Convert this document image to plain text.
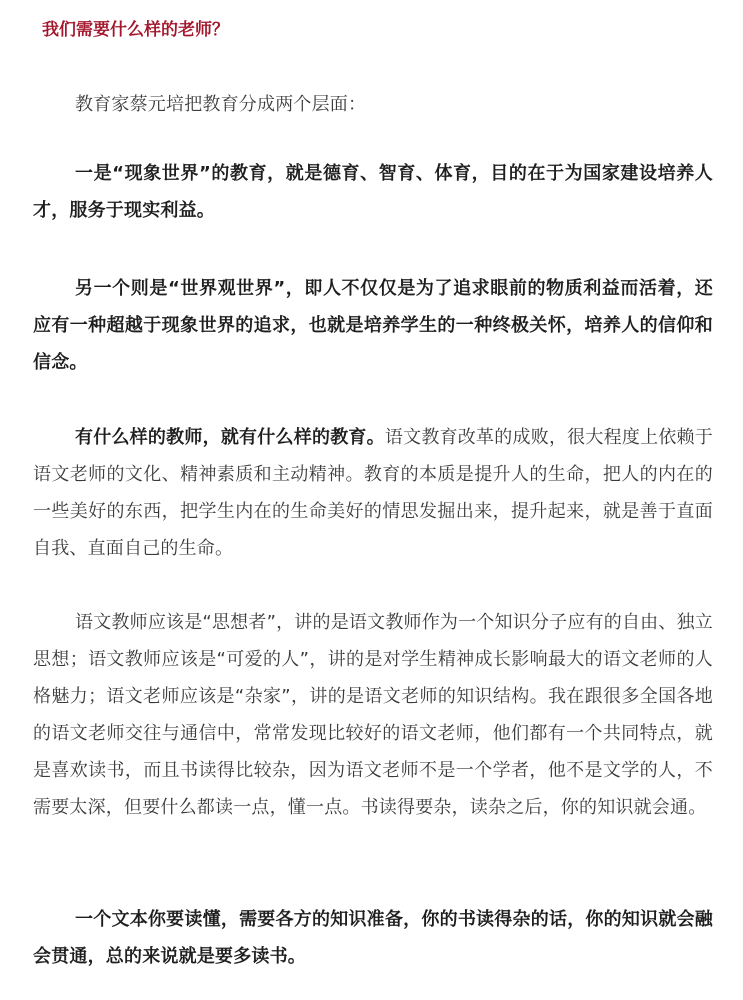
我们需要什么样的老师？

教育家蔡元培把教育分成两个层面：

一是“现象世界”的教育，就是德育、智育、体育，目的在于为国家建设培养人才，服务于现实利益。

另一个则是“世界观世界”，即人不仅仅是为了追求眼前的物质利益而活着，还应有一种超越于现象世界的追求，也就是培养学生的一种终极关怀，培养人的信仰和信念。

有什么样的教师，就有什么样的教育。语文教育改革的成败，很大程度上依赖于语文老师的文化、精神素质和主动精神。教育的本质是提升人的生命，把人的内在的一些美好的东西，把学生内在的生命美好的情思发掘出来，提升起来，就是善于直面自我、直面自己的生命。

语文教师应该是“思想者”，讲的是语文教师作为一个知识分子应有的自由、独立思想；语文教师应该是“可爱的人”，讲的是对学生精神成长影响最大的语文老师的人格魅力；语文老师应该是“杂家”，讲的是语文老师的知识结构。我在跟很多全国各地的语文老师交往与通信中，常常发现比较好的语文老师，他们都有一个共同特点，就是喜欢读书，而且书读得比较杂，因为语文老师不是一个学者，他不是文学的人，不需要太深，但要什么都读一点，懂一点。书读得要杂，读杂之后，你的知识就会通。

一个文本你要读懂，需要各方的知识准备，你的书读得杂的话，你的知识就会融会贯通，总的来说就是要多读书。
